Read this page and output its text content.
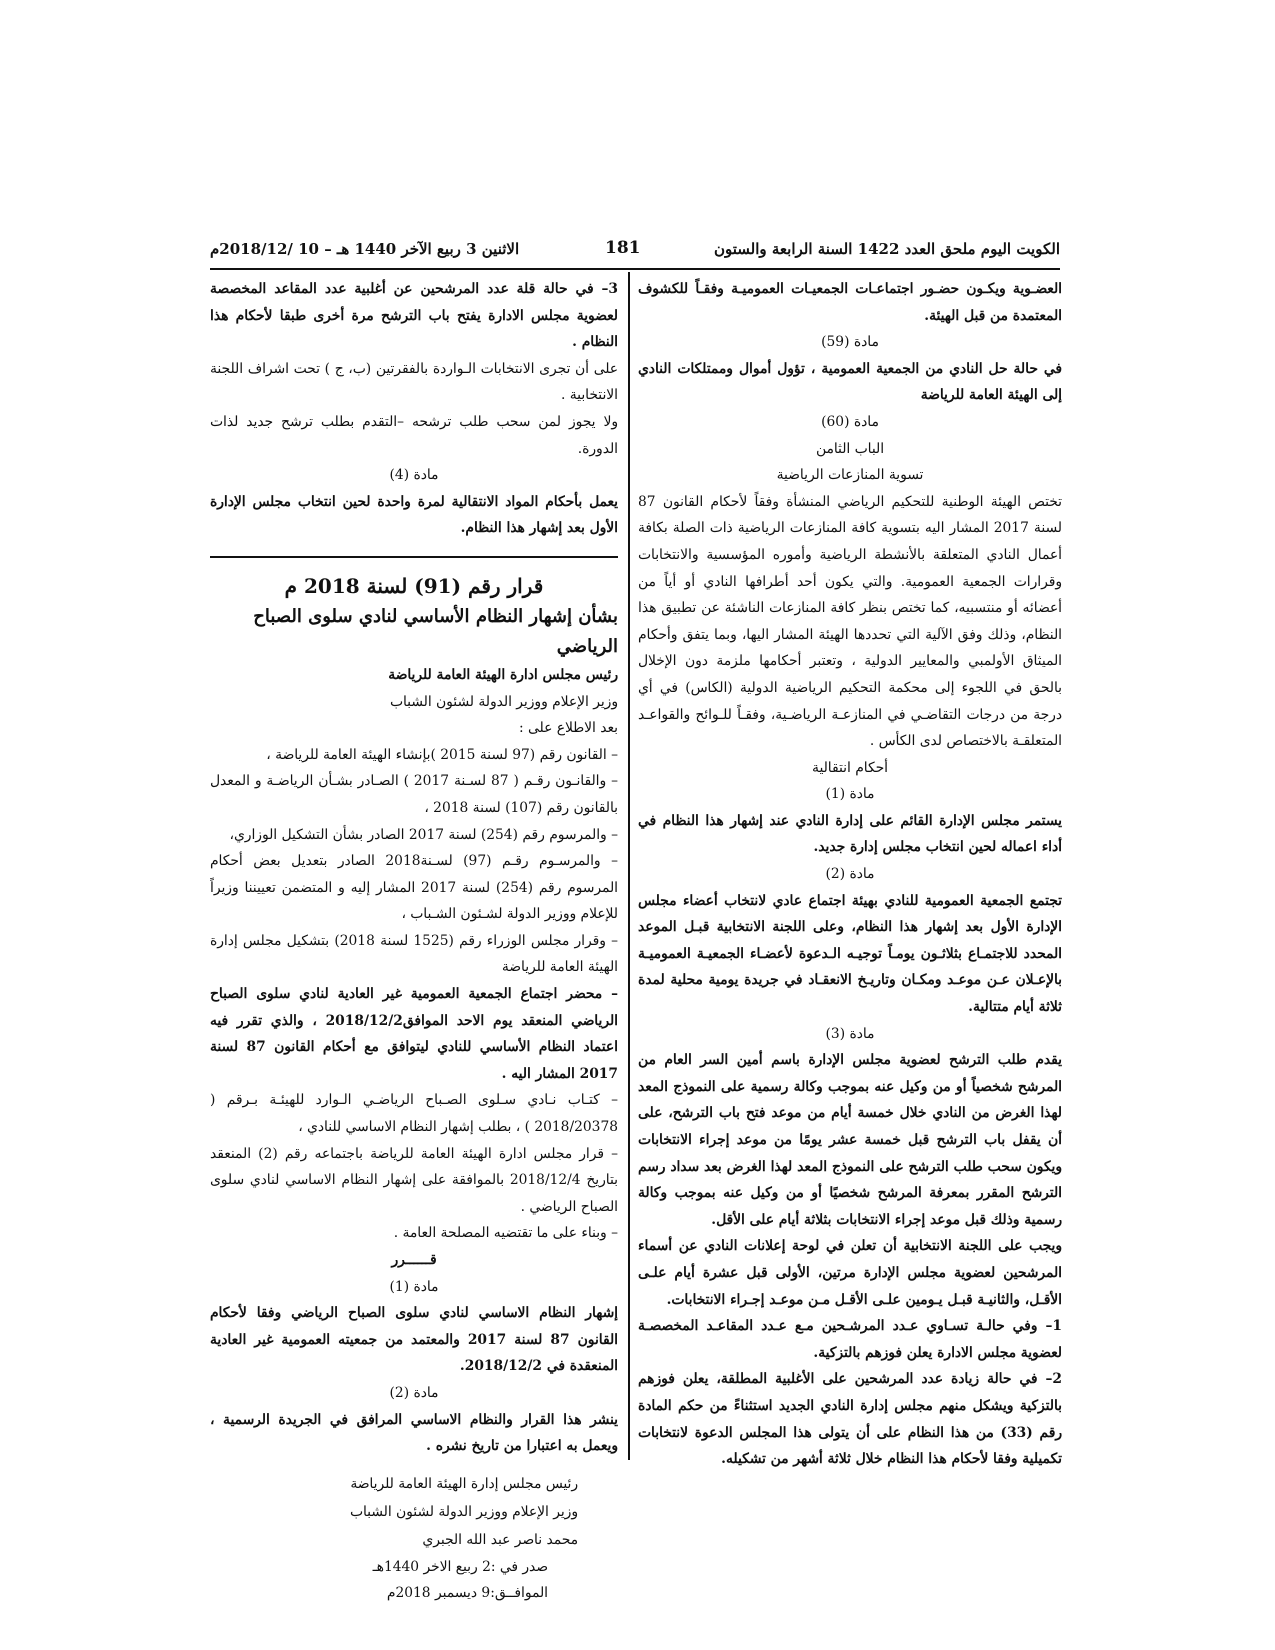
الكويت اليوم ملحق العدد 1422 السنة الرابعة والستون
181
الاثنين 3 ربيع الآخر 1440 هـ – 10 /2018/12م

العضـوية ويكـون حضـور اجتماعـات الجمعيـات العموميـة وفقـاً للكشوف المعتمدة من قبل الهيئة.

مادة (59)

في حالة حل النادي من الجمعية العمومية ، تؤول أموال وممتلكات النادي إلى الهيئة العامة للرياضة

مادة (60)

الباب الثامن

تسوية المنازعات الرياضية

تختص الهيئة الوطنية للتحكيم الرياضي المنشأة وفقاً لأحكام القانون 87 لسنة 2017 المشار اليه بتسوية كافة المنازعات الرياضية ذات الصلة بكافة أعمال النادي المتعلقة بالأنشطة الرياضية وأموره المؤسسية والانتخابات وقرارات الجمعية العمومية. والتي يكون أحد أطرافها النادي أو أياً من أعضائه أو منتسبيه، كما تختص بنظر كافة المنازعات الناشئة عن تطبيق هذا النظام، وذلك وفق الآلية التي تحددها الهيئة المشار اليها، وبما يتفق وأحكام الميثاق الأولمبي والمعايير الدولية ، وتعتبر أحكامها ملزمة دون الإخلال بالحق في اللجوء إلى محكمة التحكيم الرياضية الدولية (الكاس) في أي درجة من درجات التقاضـي في المنازعـة الرياضـية، وفقـاً للـوائح والقواعـد المتعلقـة بالاختصاص لدى الكأس .

أحكام انتقالية

مادة (1)

يستمر مجلس الإدارة القائم على إدارة النادي عند إشهار هذا النظام في أداء اعماله لحين انتخاب مجلس إدارة جديد.

مادة (2)

تجتمع الجمعية العمومية للنادي بهيئة اجتماع عادي لانتخاب أعضاء مجلس الإدارة الأول بعد إشهار هذا النظام، وعلى اللجنة الانتخابية قبـل الموعد المحدد للاجتمـاع بثلاثـون يومـاً توجيـه الـدعوة لأعضـاء الجمعيـة العموميـة بالإعـلان عـن موعـد ومكـان وتاريـخ الانعقـاد في جريدة يومية محلية لمدة ثلاثة أيام متتالية.

مادة (3)

يقدم طلب الترشح لعضوية مجلس الإدارة باسم أمين السر العام من المرشح شخصياً أو من وكيل عنه بموجب وكالة رسمية على النموذج المعد لهذا الغرض من النادي خلال خمسة أيام من موعد فتح باب الترشح، على أن يقفل باب الترشح قبل خمسة عشر يومًا من موعد إجراء الانتخابات ويكون سحب طلب الترشح على النموذج المعد لهذا الغرض بعد سداد رسم الترشح المقرر بمعرفة المرشح شخصيًا أو من وكيل عنه بموجب وكالة رسمية وذلك قبل موعد إجراء الانتخابات بثلاثة أيام على الأقل.

ويجب على اللجنة الانتخابية أن تعلن في لوحة إعلانات النادي عن أسماء المرشحين لعضوية مجلس الإدارة مرتين، الأولى قبل عشرة أيام علـى الأقـل، والثانيـة قبـل يـومين علـى الأقـل مـن موعـد إجـراء الانتخابات.

1– وفي حالـة تسـاوي عـدد المرشـحين مـع عـدد المقاعـد المخصصـة لعضوية مجلس الادارة يعلن فوزهم بالتزكية.

2– في حالة زيادة عدد المرشحين على الأغلبية المطلقة، يعلن فوزهم بالتزكية ويشكل منهم مجلس إدارة النادي الجديد استثناءً من حكم المادة رقم (33) من هذا النظام على أن يتولى هذا المجلس الدعوة لانتخابات تكميلية وفقا لأحكام هذا النظام خلال ثلاثة أشهر من تشكيله.

3– في حالة قلة عدد المرشحين عن أغلبية عدد المقاعد المخصصة لعضوية مجلس الادارة يفتح باب الترشح مرة أخرى طبقا لأحكام هذا النظام .

على أن تجرى الانتخابات الـواردة بالفقرتين (ب، ج ) تحت اشراف اللجنة الانتخابية .

ولا يجوز لمن سحب طلب ترشحه –التقدم بطلب ترشح جديد لذات الدورة.

مادة (4)

يعمل بأحكام المواد الانتقالية لمرة واحدة لحين انتخاب مجلس الإدارة الأول بعد إشهار هذا النظام.

قرار رقم (91) لسنة 2018 م

بشأن إشهار النظام الأساسي لنادي سلوى الصباح الرياضي

رئيس مجلس ادارة الهيئة العامة للرياضة

وزير الإعلام ووزير الدولة لشئون الشباب

بعد الاطلاع على :

– القانون رقم (97 لسنة 2015 )بإنشاء الهيئة العامة للرياضة ،

– والقانـون رقـم ( 87 لسـنة 2017 ) الصـادر بشـأن الرياضـة و المعدل بالقانون رقم (107) لسنة 2018 ،

– والمرسوم رقم (254) لسنة 2017 الصادر بشأن التشكيل الوزاري،

– والمرسـوم رقـم (97) لسـنة2018 الصادر بتعديل بعض أحكام المرسوم رقم (254) لسنة 2017 المشار إليه و المتضمن تعييننا وزيراً للإعلام ووزير الدولة لشـئون الشـباب ،

– وقرار مجلس الوزراء رقم (1525 لسنة 2018) بتشكيل مجلس إدارة الهيئة العامة للرياضة

– محضر اجتماع الجمعية العمومية غير العادية لنادي سلوى الصباح الرياضي المنعقد يوم الاحد الموافق2018/12/2 ، والذي تقرر فيه اعتماد النظام الأساسي للنادي ليتوافق مع أحكام القانون 87 لسنة 2017 المشار اليه .

– كتـاب نـادي سـلوى الصـباح الرياضـي الـوارد للهيئـة بـرقم ( 2018/20378 ) ، بطلب إشهار النظام الاساسي للنادي ،

– قرار مجلس ادارة الهيئة العامة للرياضة باجتماعه رقم (2) المنعقد بتاريخ 2018/12/4 بالموافقة على إشهار النظام الاساسي لنادي سلوى الصباح الرياضي .

– وبناء على ما تقتضيه المصلحة العامة .

قــــــرر

مادة (1)

إشهار النظام الاساسي لنادي سلوى الصباح الرياضي وفقا لأحكام القانون 87 لسنة 2017 والمعتمد من جمعيته العمومية غير العادية المنعقدة في 2018/12/2.

مادة (2)

ينشر هذا القرار والنظام الاساسي المرافق في الجريدة الرسمية ، ويعمل به اعتبارا من تاريخ نشره .

رئيس مجلس إدارة الهيئة العامة للرياضة

وزير الإعلام ووزير الدولة لشئون الشباب

محمد ناصر عبد الله الجبري

صدر في :2 ربيع الاخر 1440هـ

الموافــق:9 ديسمبر 2018م
